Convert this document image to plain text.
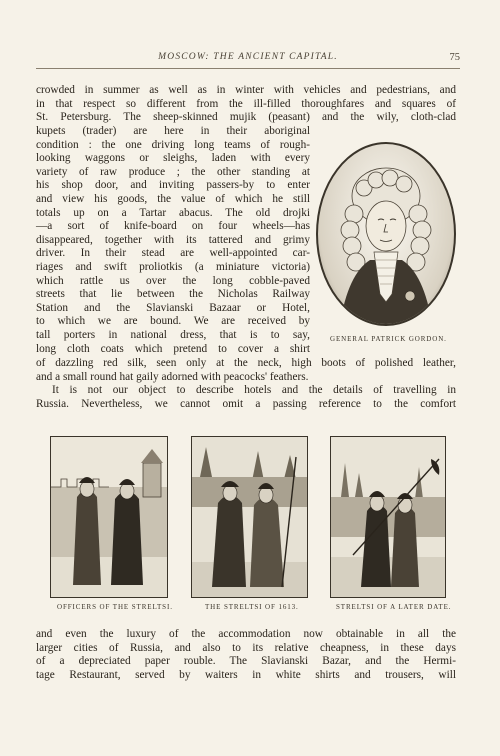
MOSCOW: THE ANCIENT CAPITAL.	75
crowded in summer as well as in winter with vehicles and pedestrians, and
in that respect so different from the ill-filled thoroughfares and squares of
St. Petersburg. The sheep-skinned mujik (peasant) and the wily, cloth-clad
kupets (trader) are here in their aboriginal
condition : the one driving long teams of rough-
looking waggons or sleighs, laden with every
variety of raw produce ; the other standing at
his shop door, and inviting passers-by to enter
and view his goods, the value of which he still
totals up on a Tartar abacus. The old drojki
—a sort of knife-board on four wheels—has
disappeared, together with its tattered and grimy
driver. In their stead are well-appointed car-
riages and swift proliotkis (a miniature victoria)
which rattle us over the long cobble-paved
streets that lie between the Nicholas Railway
Station and the Slavianski Bazaar or Hotel,
to which we are bound. We are received by
tall porters in national dress, that is to say,
long cloth coats which pretend to cover a shirt
GENERAL PATRICK GORDON.
of dazzling red silk, seen only at the neck, high boots of polished leather,
and a small round hat gaily adorned with peacocks' feathers.
It is not our object to describe hotels and the details of travelling in
Russia. Nevertheless, we cannot omit a passing reference to the comfort
OFFICERS OF THE STRELTSI.	THE STRELTSI OF 1613.	STRELTSI OF A LATER DATE.
and even the luxury of the accommodation now obtainable in all the
larger cities of Russia, and also to its relative cheapness, in these days
of a depreciated paper rouble. The Slavianski Bazar, and the Hermi-
tage Restaurant, served by waiters in white shirts and trousers, will
